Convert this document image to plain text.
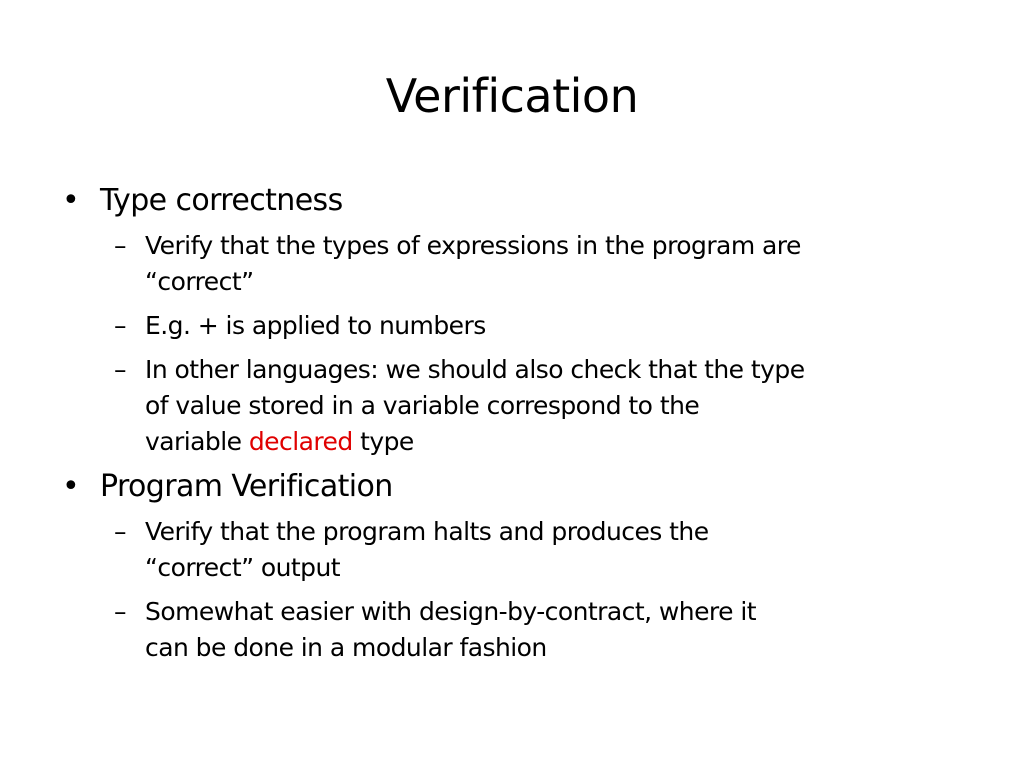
Verification
• Type correctness
– Verify that the types of expressions in the program are
“correct”
– E.g. + is applied to numbers
– In other languages: we should also check that the type
of value stored in a variable correspond to the
variable declared type
• Program Verification
– Verify that the program halts and produces the
“correct” output
– Somewhat easier with design-by-contract, where it
can be done in a modular fashion
